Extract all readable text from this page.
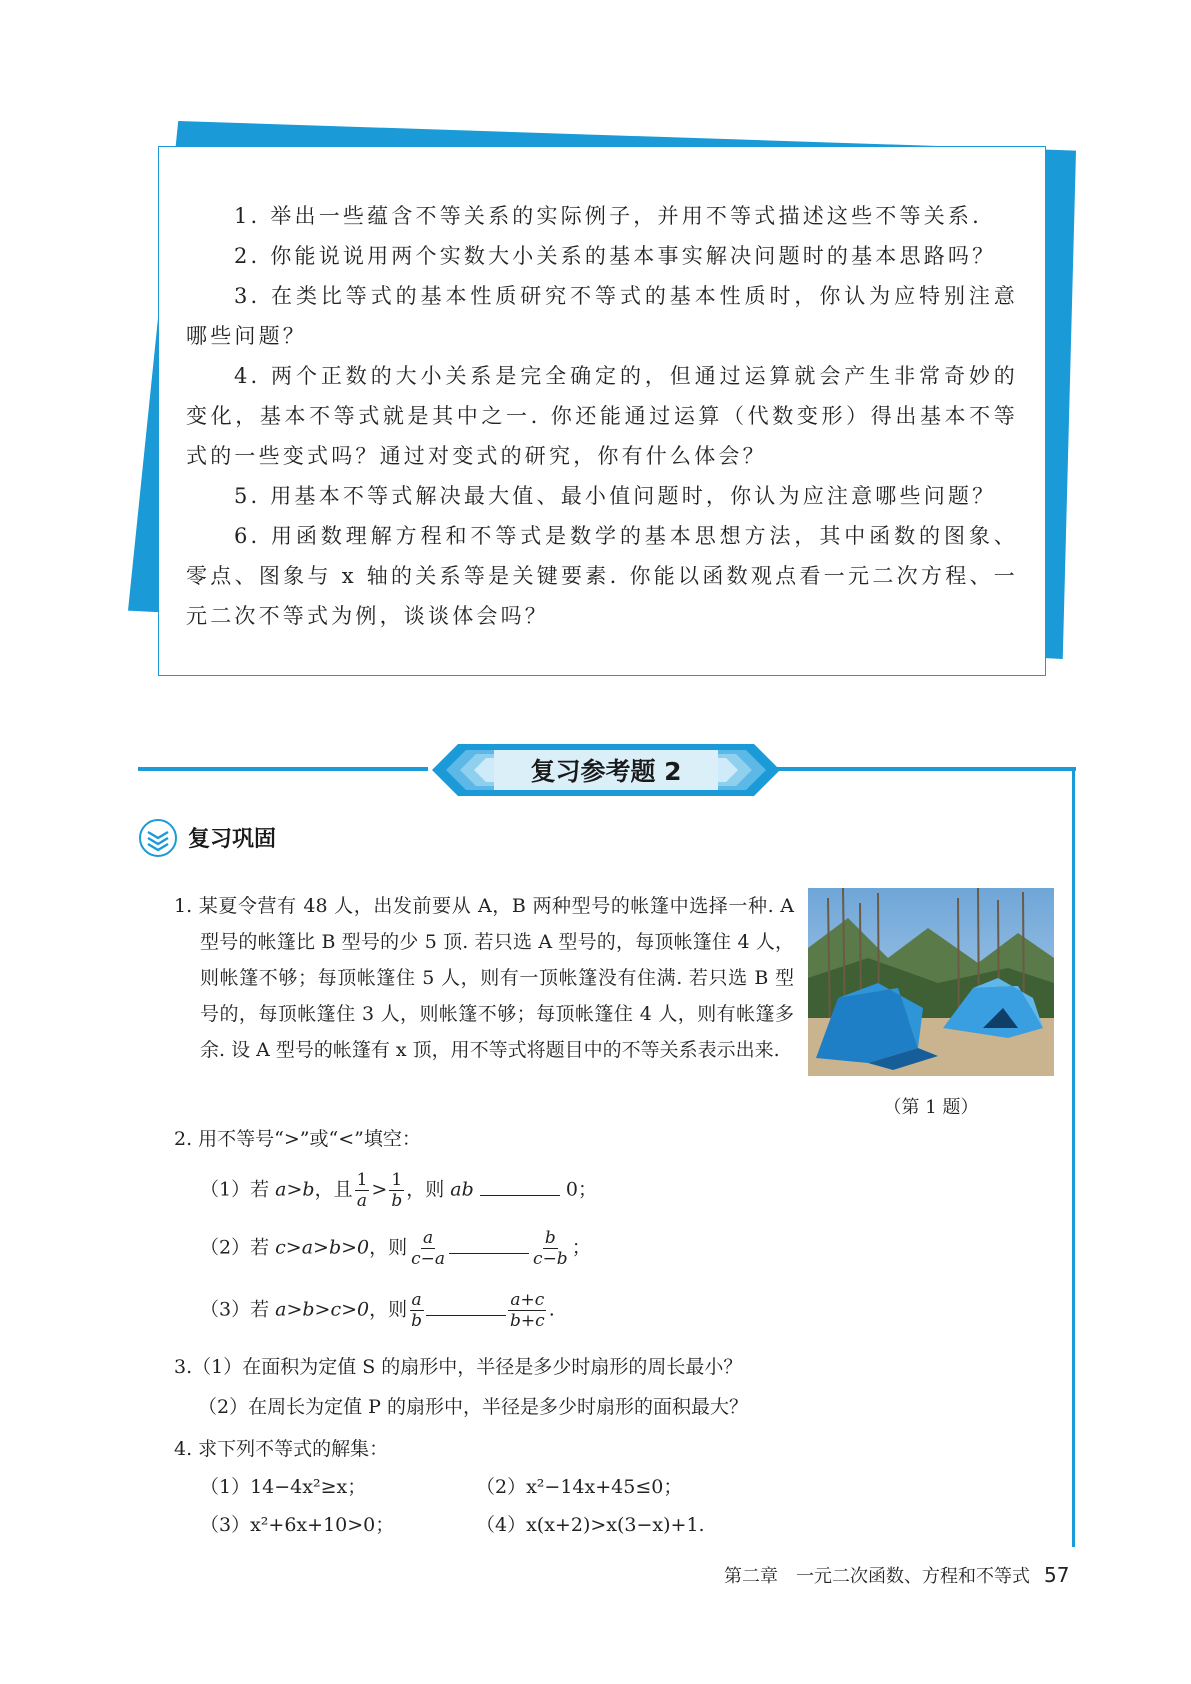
1. 举出一些蕴含不等关系的实际例子，并用不等式描述这些不等关系.

2. 你能说说用两个实数大小关系的基本事实解决问题时的基本思路吗？

3. 在类比等式的基本性质研究不等式的基本性质时，你认为应特别注意哪些问题？

4. 两个正数的大小关系是完全确定的，但通过运算就会产生非常奇妙的变化，基本不等式就是其中之一. 你还能通过运算（代数变形）得出基本不等式的一些变式吗？通过对变式的研究，你有什么体会？

5. 用基本不等式解决最大值、最小值问题时，你认为应注意哪些问题？

6. 用函数理解方程和不等式是数学的基本思想方法，其中函数的图象、零点、图象与 x 轴的关系等是关键要素. 你能以函数观点看一元二次方程、一元二次不等式为例，谈谈体会吗？

复习参考题 2
复习巩固
1. 某夏令营有 48 人，出发前要从 A，B 两种型号的帐篷中选择一种. A 型号的帐篷比 B 型号的少 5 顶. 若只选 A 型号的，每顶帐篷住 4 人，则帐篷不够；每顶帐篷住 5 人，则有一顶帐篷没有住满. 若只选 B 型号的，每顶帐篷住 3 人，则帐篷不够；每顶帐篷住 4 人，则有帐篷多余. 设 A 型号的帐篷有 x 顶，用不等式将题目中的不等关系表示出来.
（第 1 题）
2. 用不等号“>”或“<”填空：
（1）若 a>b，且 $\frac{1}{a} > \frac{1}{b}$ ，则 ab	0；
（2）若 c>a>b>0，则 $\frac{a}{c-a}$	$\frac{b}{c-b}$ ；
（3）若 a>b>c>0，则 $\frac{a}{b}$	$\frac{a+c}{b+c}$ .
3.（1）在面积为定值 S 的扇形中，半径是多少时扇形的周长最小？
（2）在周长为定值 P 的扇形中，半径是多少时扇形的面积最大？
4. 求下列不等式的解集：
（1）14−4x²≥x；	（2）x²−14x+45≤0；
（3）x²+6x+10>0；	（4）x(x+2)>x(3−x)+1.
第二章　一元二次函数、方程和不等式 57
